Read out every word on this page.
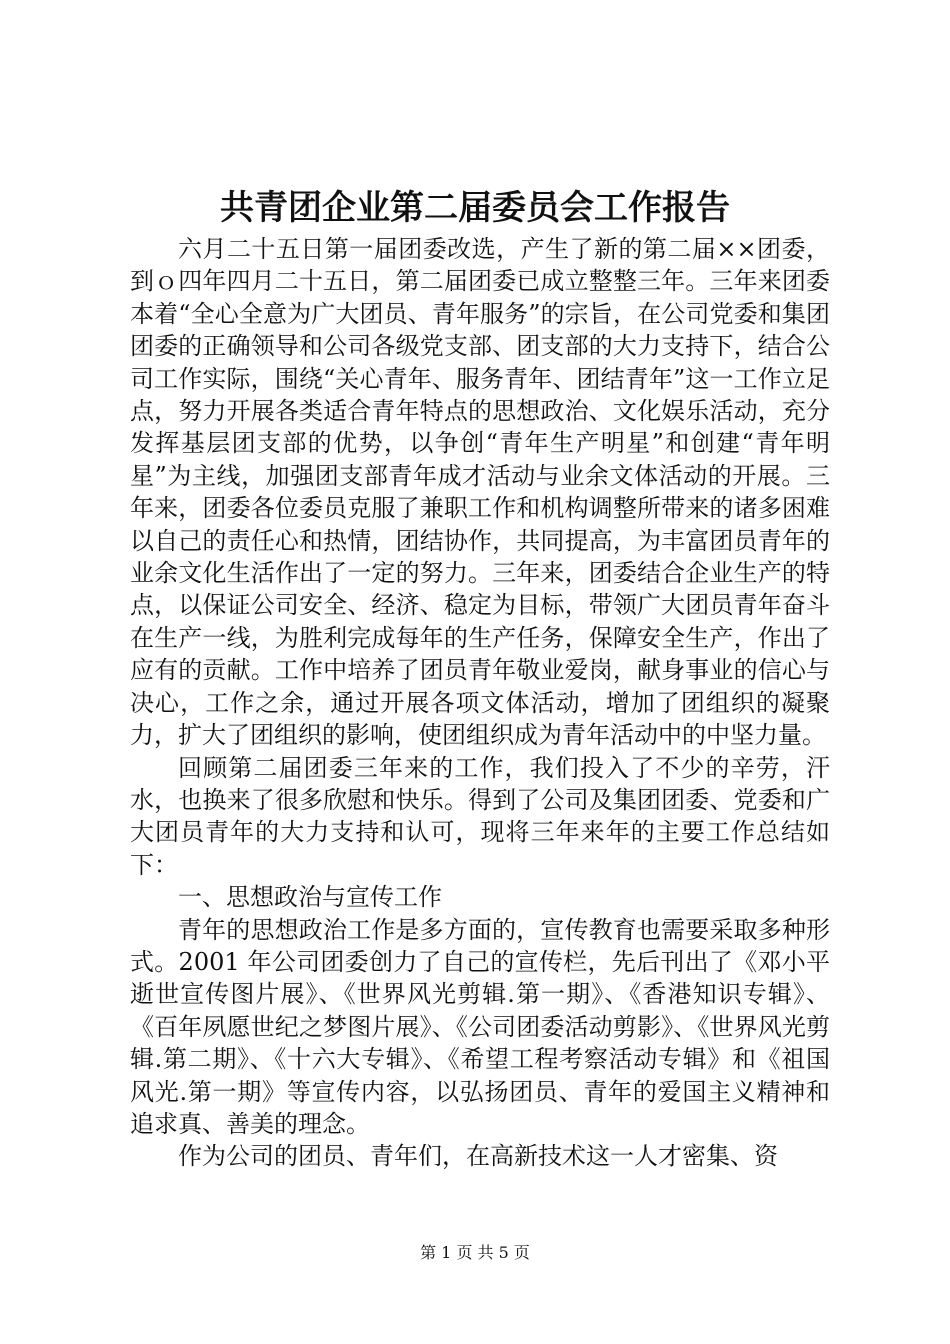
共青团企业第二届委员会工作报告

六月二十五日第一届团委改选，产生了新的第二届××团委，到ｏ四年四月二十五日，第二届团委已成立整整三年。三年来团委本着“全心全意为广大团员、青年服务”的宗旨，在公司党委和集团团委的正确领导和公司各级党支部、团支部的大力支持下，结合公司工作实际，围绕“关心青年、服务青年、团结青年”这一工作立足点，努力开展各类适合青年特点的思想政治、文化娱乐活动，充分发挥基层团支部的优势，以争创“青年生产明星”和创建“青年明星”为主线，加强团支部青年成才活动与业余文体活动的开展。三年来，团委各位委员克服了兼职工作和机构调整所带来的诸多困难以自己的责任心和热情，团结协作，共同提高，为丰富团员青年的业余文化生活作出了一定的努力。三年来，团委结合企业生产的特点，以保证公司安全、经济、稳定为目标，带领广大团员青年奋斗在生产一线，为胜利完成每年的生产任务，保障安全生产，作出了应有的贡献。工作中培养了团员青年敬业爱岗，献身事业的信心与决心，工作之余，通过开展各项文体活动，增加了团组织的凝聚力，扩大了团组织的影响，使团组织成为青年活动中的中坚力量。

回顾第二届团委三年来的工作，我们投入了不少的辛劳，汗水，也换来了很多欣慰和快乐。得到了公司及集团团委、党委和广大团员青年的大力支持和认可，现将三年来年的主要工作总结如下：

一、思想政治与宣传工作

青年的思想政治工作是多方面的，宣传教育也需要采取多种形式。2001 年公司团委创力了自己的宣传栏，先后刊出了《邓小平逝世宣传图片展》、《世界风光剪辑.第一期》、《香港知识专辑》、《百年夙愿世纪之梦图片展》、《公司团委活动剪影》、《世界风光剪辑.第二期》、《十六大专辑》、《希望工程考察活动专辑》和《祖国风光.第一期》等宣传内容，以弘扬团员、青年的爱国主义精神和追求真、善美的理念。

作为公司的团员、青年们，在高新技术这一人才密集、资

第 1 页 共 5 页
